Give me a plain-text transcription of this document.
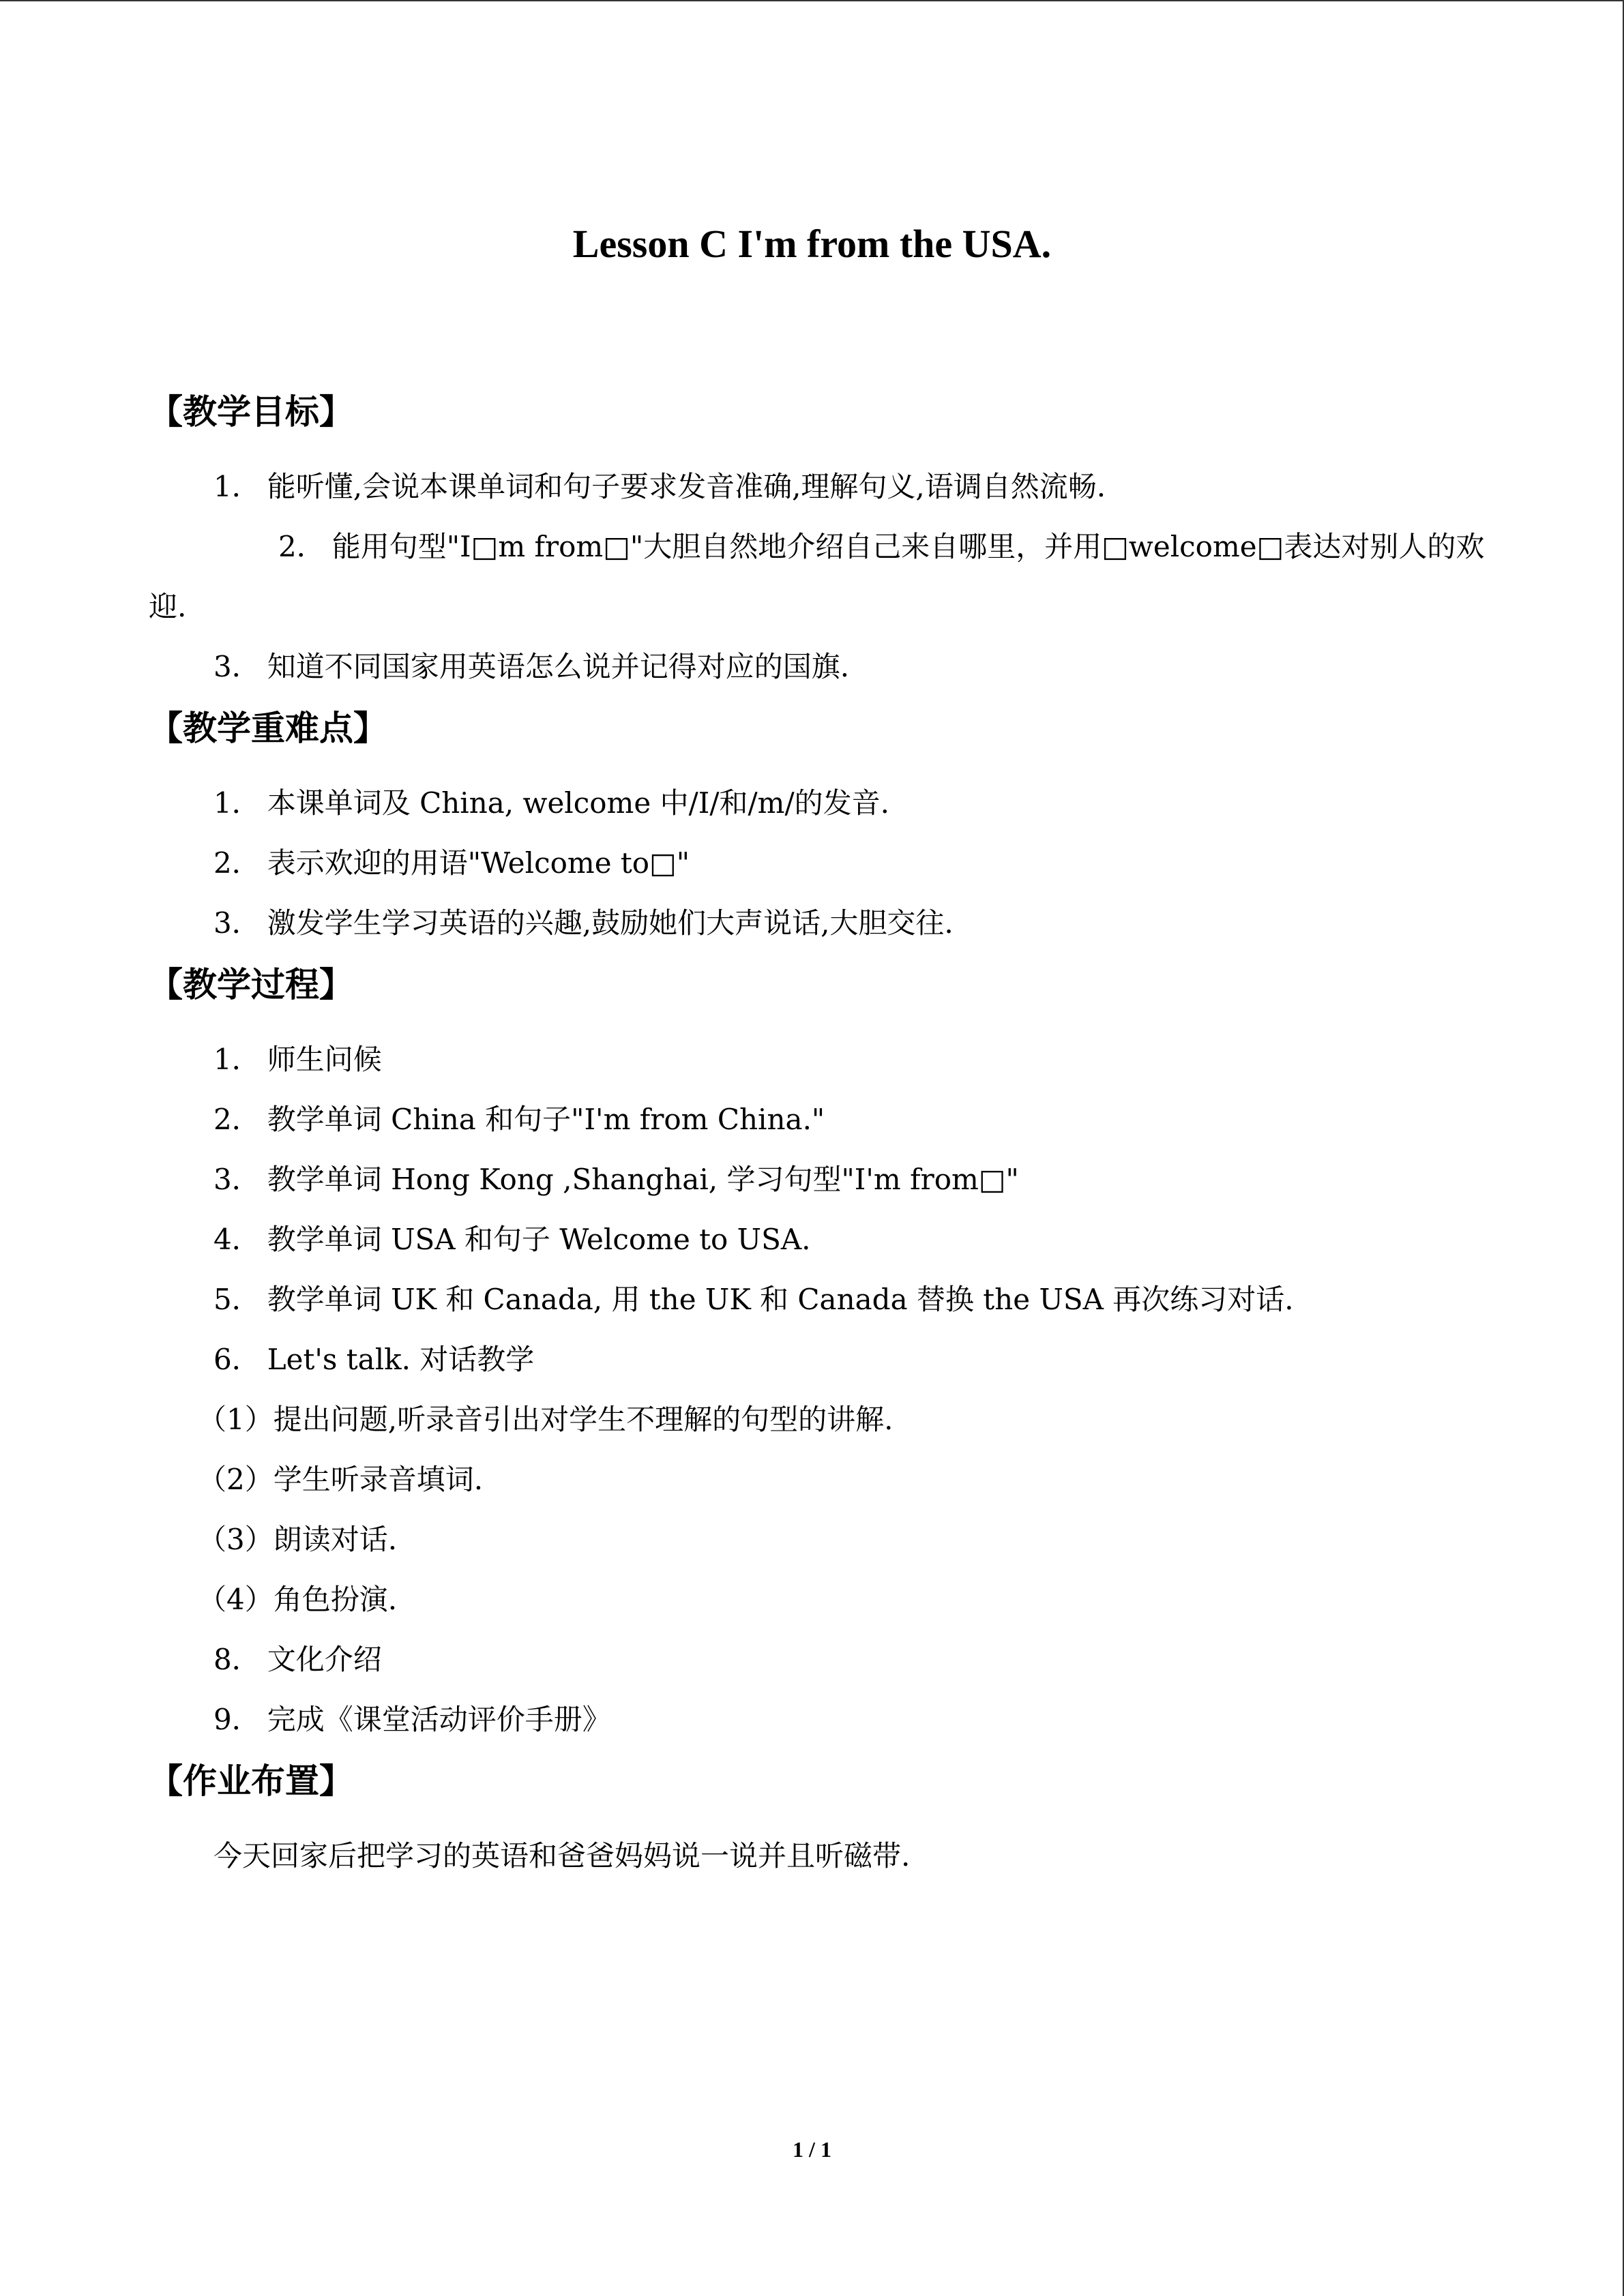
Lesson C I'm from the USA.
【教学目标】
1． 能听懂,会说本课单词和句子要求发音准确,理解句义,语调自然流畅.
2． 能用句型"I□m from□"大胆自然地介绍自己来自哪里，并用□welcome□表达对别人的欢迎.
3． 知道不同国家用英语怎么说并记得对应的国旗.
【教学重难点】
1． 本课单词及 China, welcome 中/I/和/m/的发音.
2． 表示欢迎的用语"Welcome to□"
3． 激发学生学习英语的兴趣,鼓励她们大声说话,大胆交往.
【教学过程】
1． 师生问候
2． 教学单词 China 和句子"I'm from China."
3． 教学单词 Hong Kong ,Shanghai, 学习句型"I'm from□"
4． 教学单词 USA 和句子 Welcome to USA.
5． 教学单词 UK 和 Canada, 用 the UK 和 Canada 替换 the USA 再次练习对话.
6． Let's talk. 对话教学
（1）提出问题,听录音引出对学生不理解的句型的讲解.
（2）学生听录音填词.
（3）朗读对话.
（4）角色扮演.
8． 文化介绍
9． 完成《课堂活动评价手册》
【作业布置】
今天回家后把学习的英语和爸爸妈妈说一说并且听磁带.
1 / 1
